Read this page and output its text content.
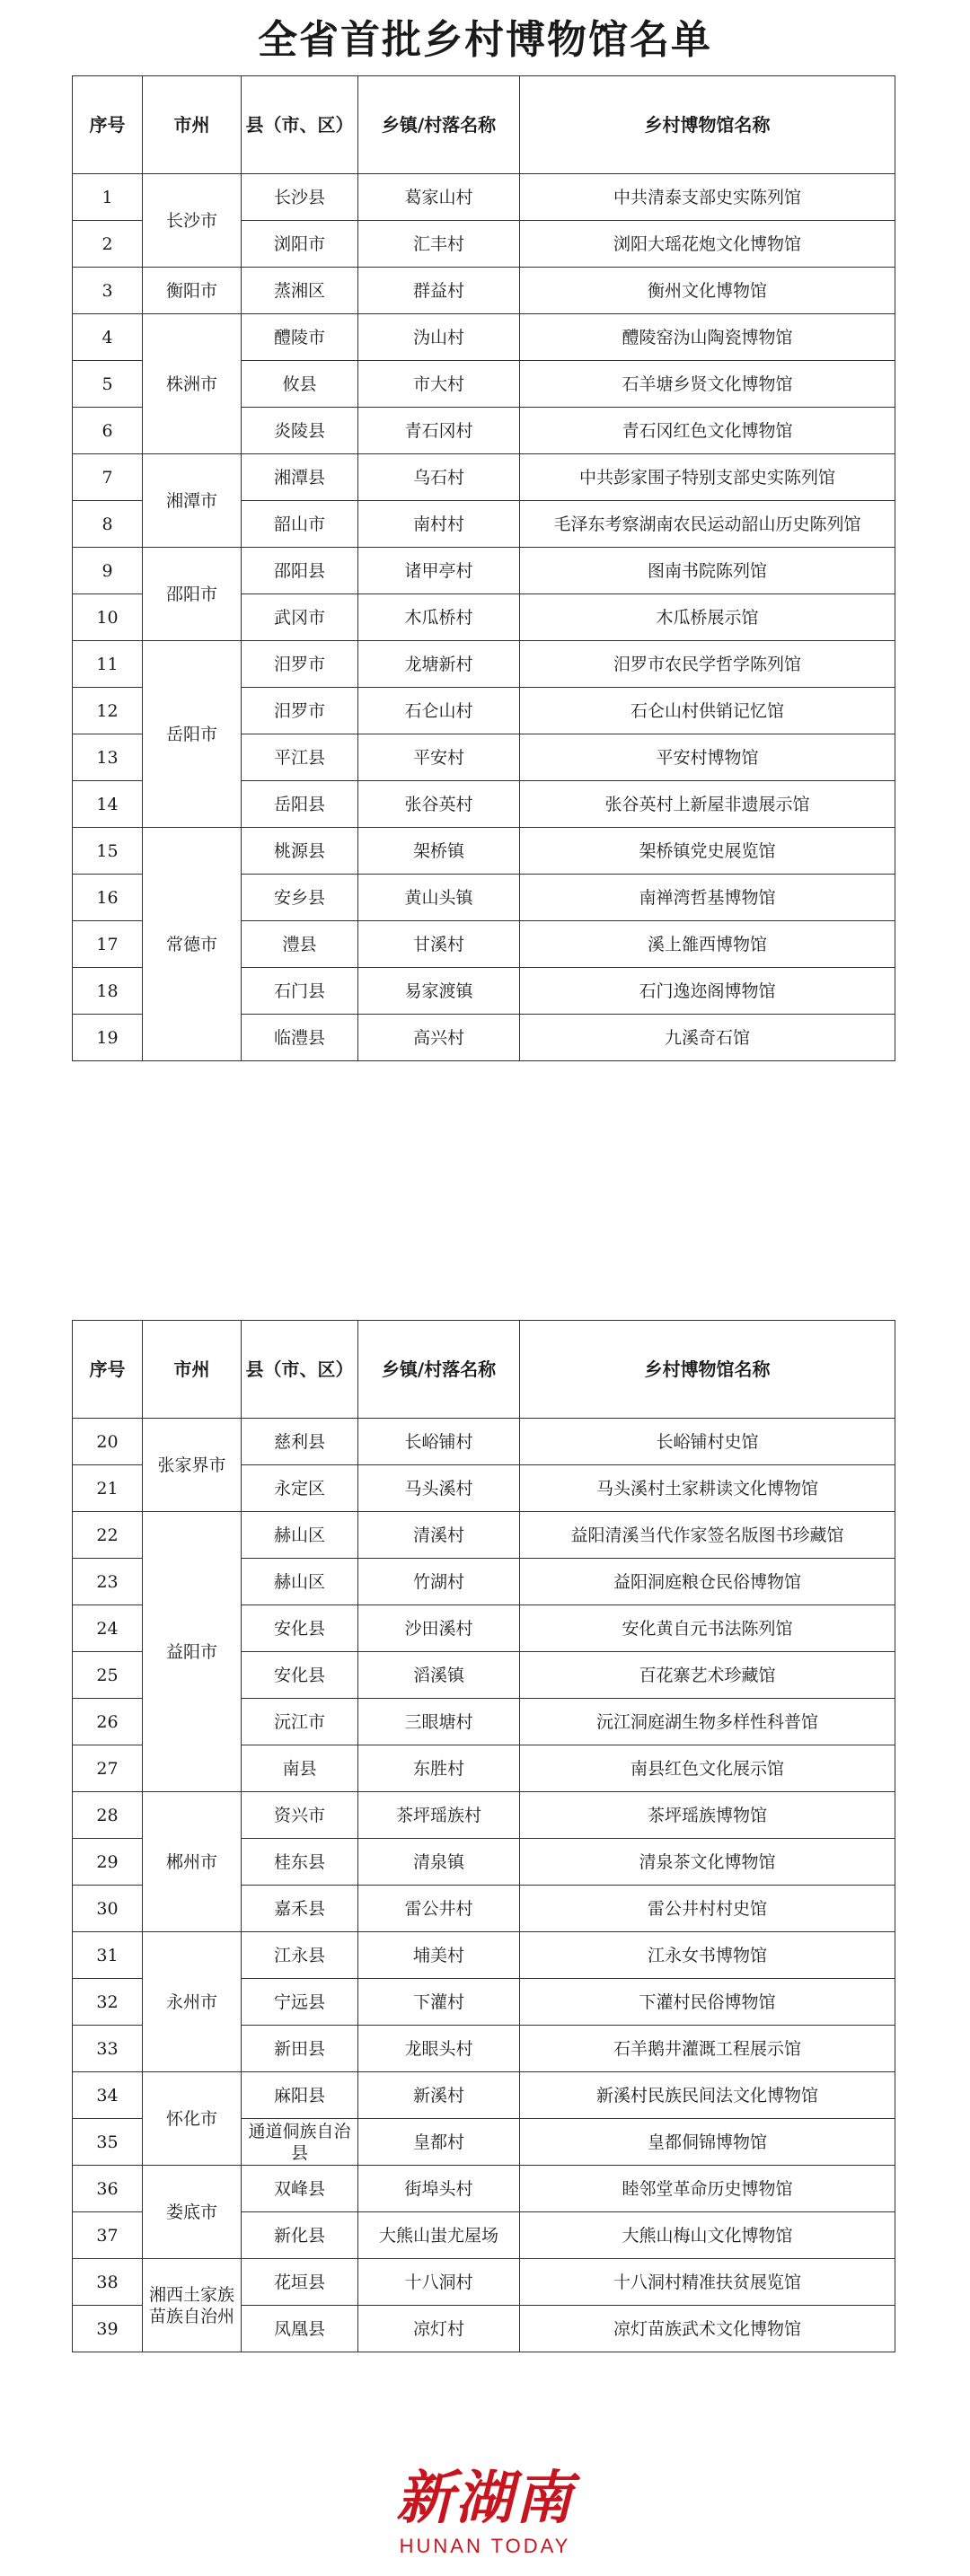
全省首批乡村博物馆名单
序号	市州	县（市、区）	乡镇/村落名称	乡村博物馆名称
1	长沙市	长沙县	葛家山村	中共清泰支部史实陈列馆
2		浏阳市	汇丰村	浏阳大瑶花炮文化博物馆
3	衡阳市	蒸湘区	群益村	衡州文化博物馆
4	株洲市	醴陵市	沩山村	醴陵窑沩山陶瓷博物馆
5		攸县	市大村	石羊塘乡贤文化博物馆
6		炎陵县	青石冈村	青石冈红色文化博物馆
7	湘潭市	湘潭县	乌石村	中共彭家围子特别支部史实陈列馆
8		韶山市	南村村	毛泽东考察湖南农民运动韶山历史陈列馆
9	邵阳市	邵阳县	诸甲亭村	图南书院陈列馆
10		武冈市	木瓜桥村	木瓜桥展示馆
11	岳阳市	汨罗市	龙塘新村	汨罗市农民学哲学陈列馆
12		汨罗市	石仑山村	石仑山村供销记忆馆
13		平江县	平安村	平安村博物馆
14		岳阳县	张谷英村	张谷英村上新屋非遗展示馆
15	常德市	桃源县	架桥镇	架桥镇党史展览馆
16		安乡县	黄山头镇	南禅湾哲基博物馆
17		澧县	甘溪村	溪上雒西博物馆
18		石门县	易家渡镇	石门逸迩阁博物馆
19		临澧县	高兴村	九溪奇石馆
序号	市州	县（市、区）	乡镇/村落名称	乡村博物馆名称
20	张家界市	慈利县	长峪铺村	长峪铺村史馆
21		永定区	马头溪村	马头溪村土家耕读文化博物馆
22	益阳市	赫山区	清溪村	益阳清溪当代作家签名版图书珍藏馆
23		赫山区	竹湖村	益阳洞庭粮仓民俗博物馆
24		安化县	沙田溪村	安化黄自元书法陈列馆
25		安化县	滔溪镇	百花寨艺术珍藏馆
26		沅江市	三眼塘村	沅江洞庭湖生物多样性科普馆
27		南县	东胜村	南县红色文化展示馆
28	郴州市	资兴市	茶坪瑶族村	茶坪瑶族博物馆
29		桂东县	清泉镇	清泉茶文化博物馆
30		嘉禾县	雷公井村	雷公井村村史馆
31	永州市	江永县	埔美村	江永女书博物馆
32		宁远县	下灌村	下灌村民俗博物馆
33		新田县	龙眼头村	石羊鹅井灌溉工程展示馆
34	怀化市	麻阳县	新溪村	新溪村民族民间法文化博物馆
35		通道侗族自治县	皇都村	皇都侗锦博物馆
36	娄底市	双峰县	街埠头村	睦邻堂革命历史博物馆
37		新化县	大熊山蚩尤屋场	大熊山梅山文化博物馆
38	湘西土家族苗族自治州	花垣县	十八洞村	十八洞村精准扶贫展览馆
39		凤凰县	凉灯村	凉灯苗族武术文化博物馆
新湖南
HUNAN TODAY
